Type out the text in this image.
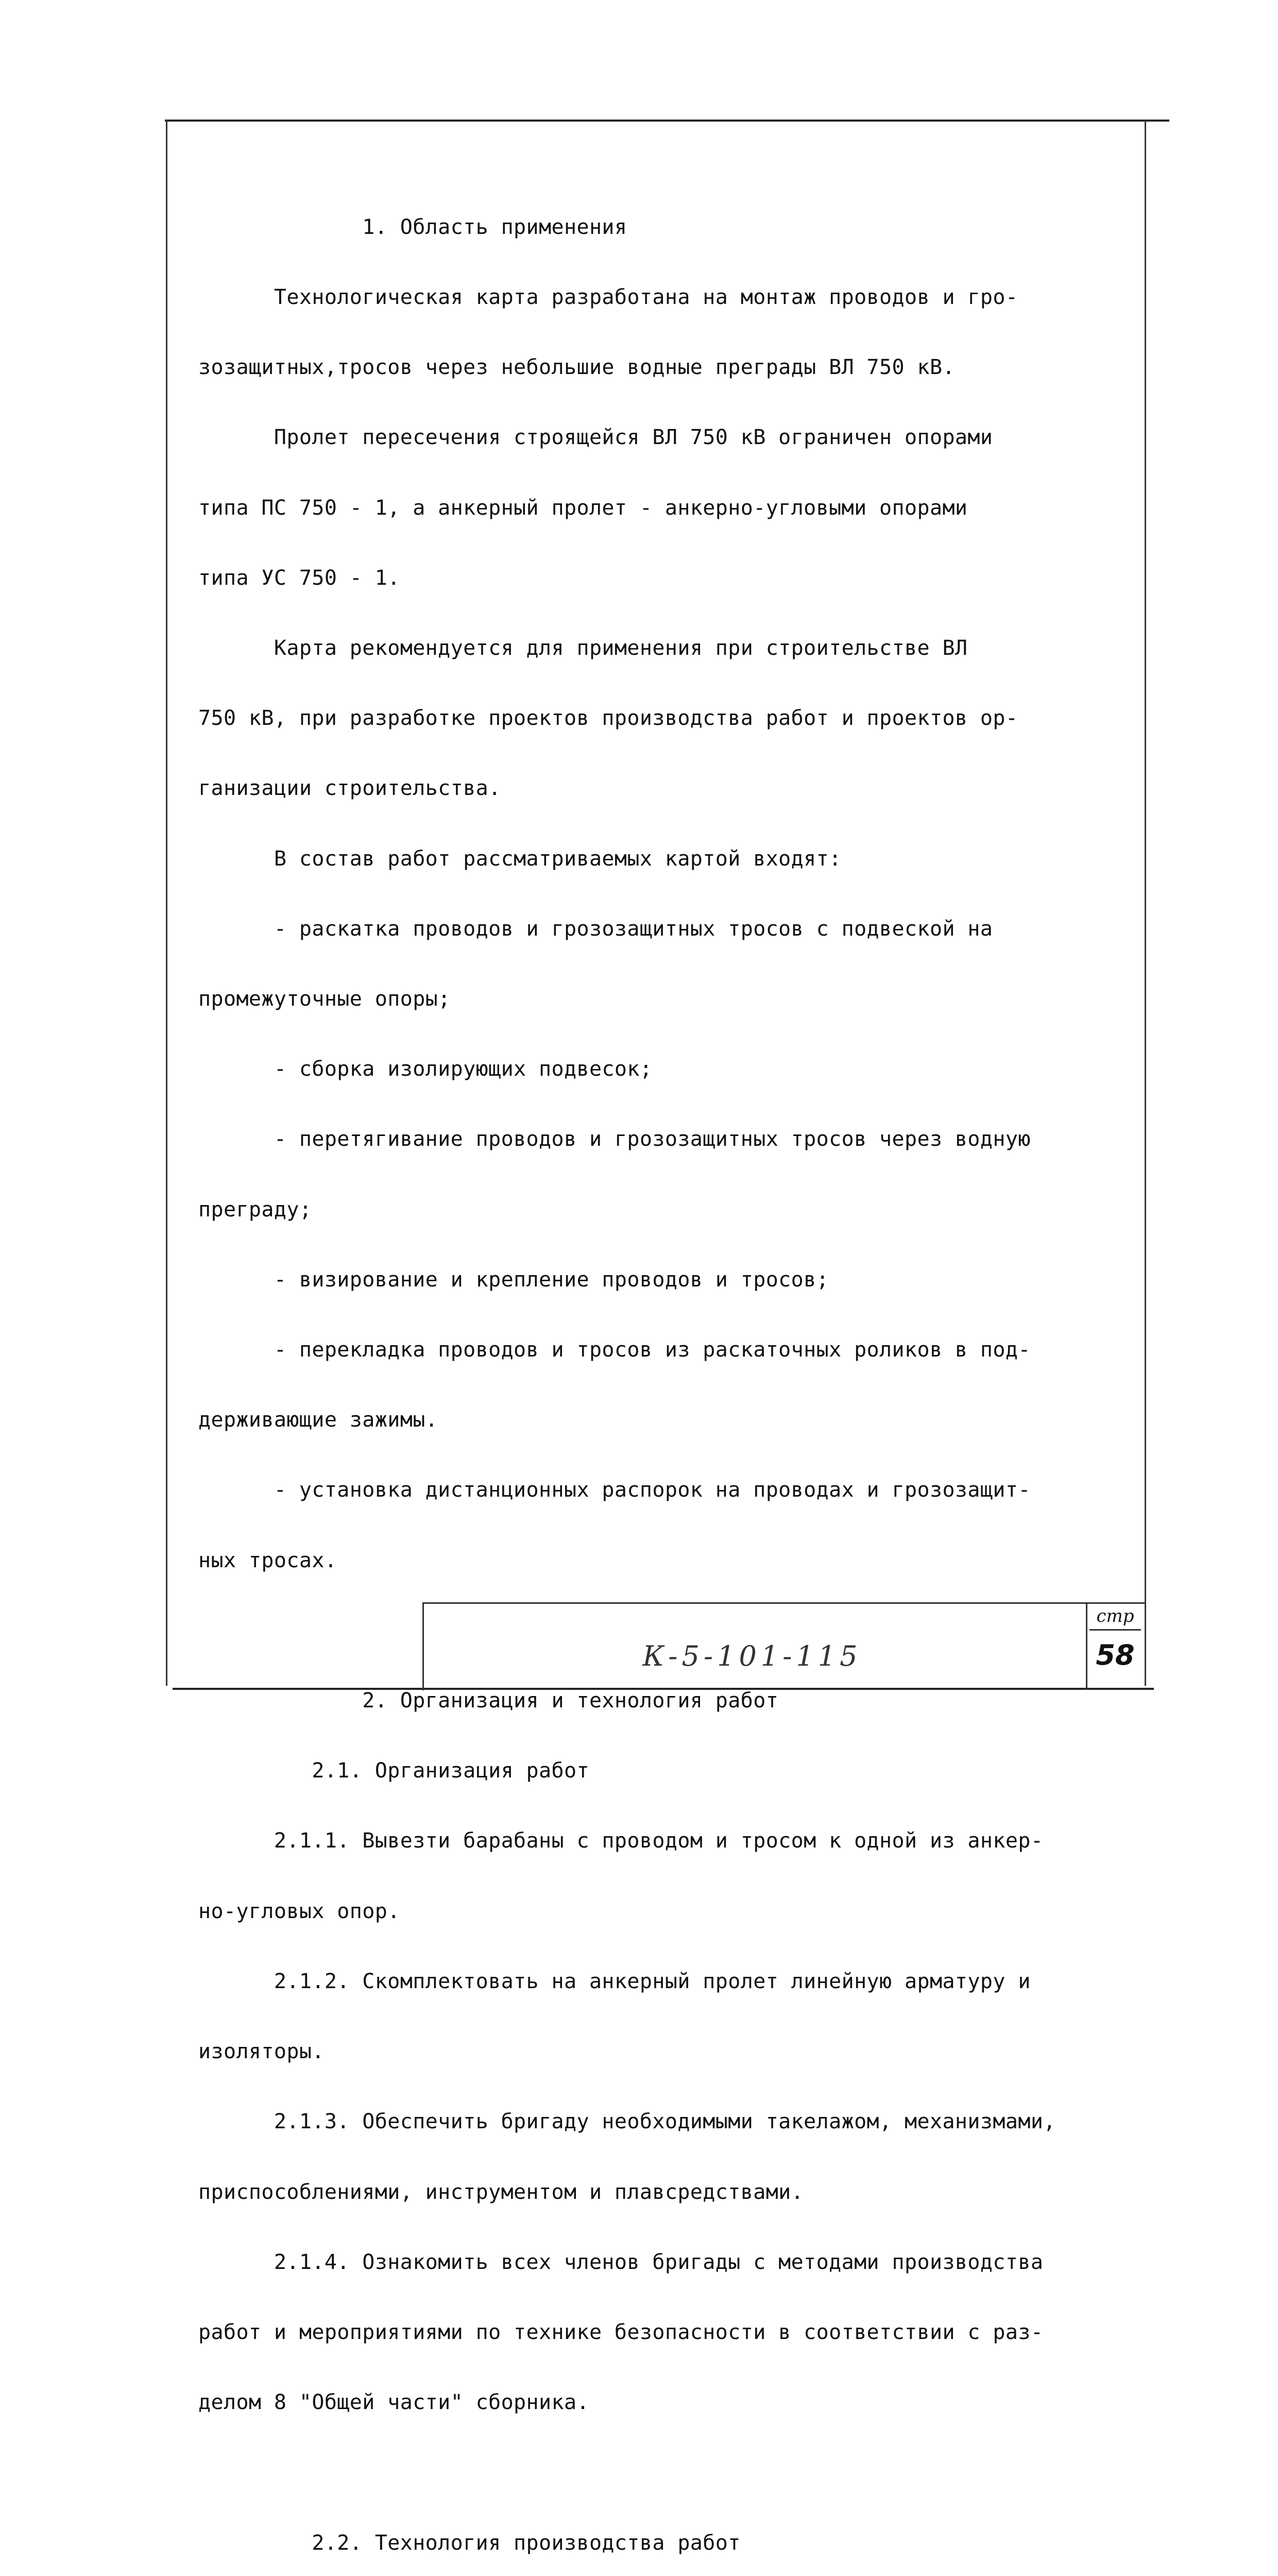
1. Область применения

Технологическая карта разработана на монтаж проводов и гро-

зозащитных,тросов через небольшие водные преграды ВЛ 750 кВ.

Пролет пересечения строящейся ВЛ 750 кВ ограничен опорами

типа ПС 750 - 1, а анкерный пролет - анкерно-угловыми опорами

типа УС 750 - 1.

Карта рекомендуется для применения при строительстве ВЛ

750 кВ, при разработке проектов производства работ и проектов ор-

ганизации строительства.

В состав работ рассматриваемых картой входят:

- раскатка проводов и грозозащитных тросов с подвеской на

промежуточные опоры;

- сборка изолирующих подвесок;

- перетягивание проводов и грозозащитных тросов через водную

преграду;

- визирование и крепление проводов и тросов;

- перекладка проводов и тросов из раскаточных роликов в под-

держивающие зажимы.

- установка дистанционных распорок на проводах и грозозащит-

ных тросах.

2. Организация и технология работ

2.1. Организация работ

2.1.1. Вывезти барабаны с проводом и тросом к одной из анкер-

но-угловых опор.

2.1.2. Скомплектовать на анкерный пролет линейную арматуру и

изоляторы.

2.1.3. Обеспечить бригаду необходимыми такелажом, механизмами,

приспособлениями, инструментом и плавсредствами.

2.1.4. Ознакомить всех членов бригады с методами производства

работ и мероприятиями по технике безопасности в соответствии с раз-

делом 8 "Общей части" сборника.

2.2. Технология производства работ

К-5-101-115
стр
58
